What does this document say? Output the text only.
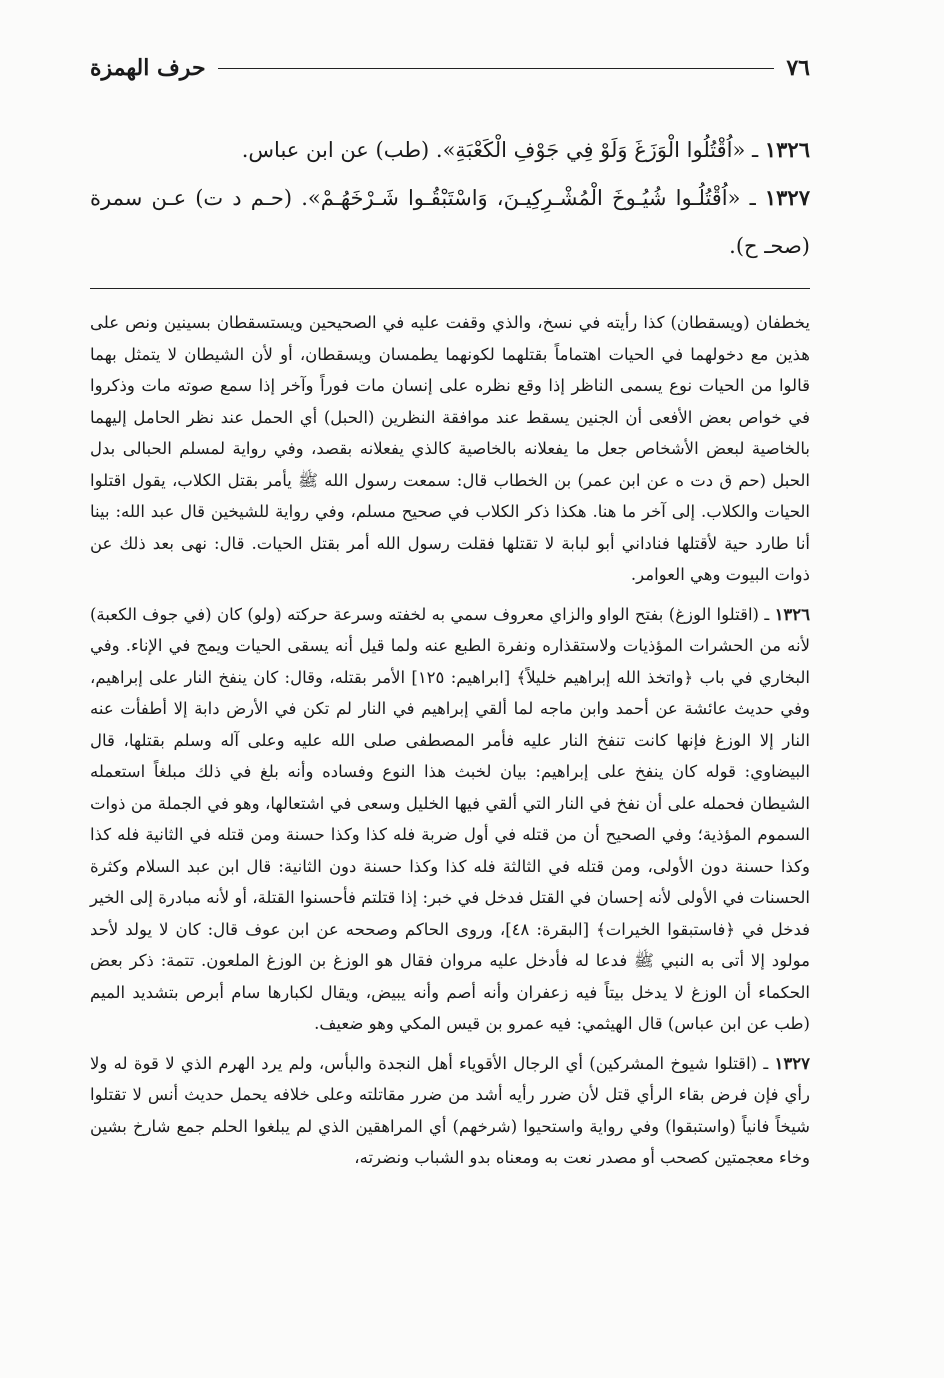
٧٦
حرف الهمزة

١٣٢٦ ـ «اُقْتُلُوا الْوَزَغَ وَلَوْ فِي جَوْفِ الْكَعْبَةِ». (طب) عن ابن عباس.

١٣٢٧ ـ «اُقْتُلُـوا شُيُـوخَ الْمُشْـرِكِيـنَ، وَاسْتَبْقُـوا شَـرْخَهُـمْ». (حـم د ت) عـن سمرة (صحـ ح).

يخطفان (ويسقطان) كذا رأيته في نسخ، والذي وقفت عليه في الصحيحين ويستسقطان بسينين ونص على هذين مع دخولهما في الحيات اهتماماً بقتلهما لكونهما يطمسان ويسقطان، أو لأن الشيطان لا يتمثل بهما قالوا من الحيات نوع يسمى الناظر إذا وقع نظره على إنسان مات فوراً وآخر إذا سمع صوته مات وذكروا في خواص بعض الأفعى أن الجنين يسقط عند موافقة النظرين (الحبل) أي الحمل عند نظر الحامل إليهما بالخاصية لبعض الأشخاص جعل ما يفعلانه بالخاصية كالذي يفعلانه بقصد، وفي رواية لمسلم الحبالى بدل الحبل (حم ق دت ه عن ابن عمر) بن الخطاب قال: سمعت رسول الله ﷺ يأمر بقتل الكلاب، يقول اقتلوا الحيات والكلاب. إلى آخر ما هنا. هكذا ذكر الكلاب في صحيح مسلم، وفي رواية للشيخين قال عبد الله: بينا أنا طارد حية لأقتلها فناداني أبو لبابة لا تقتلها فقلت رسول الله أمر بقتل الحيات. قال: نهى بعد ذلك عن ذوات البيوت وهي العوامر.

١٣٢٦ ـ (اقتلوا الوزغ) بفتح الواو والزاي معروف سمي به لخفته وسرعة حركته (ولو) كان (في جوف الكعبة) لأنه من الحشرات المؤذيات ولاستقذاره ونفرة الطبع عنه ولما قيل أنه يسقى الحيات ويمج في الإناء. وفي البخاري في باب ﴿واتخذ الله إبراهيم خليلاً﴾ [ابراهيم: ١٢٥] الأمر بقتله، وقال: كان ينفخ النار على إبراهيم، وفي حديث عائشة عن أحمد وابن ماجه لما ألقي إبراهيم في النار لم تكن في الأرض دابة إلا أطفأت عنه النار إلا الوزغ فإنها كانت تنفخ النار عليه فأمر المصطفى صلى الله عليه وعلى آله وسلم بقتلها، قال البيضاوي: قوله كان ينفخ على إبراهيم: بيان لخبث هذا النوع وفساده وأنه بلغ في ذلك مبلغاً استعمله الشيطان فحمله على أن نفخ في النار التي ألقي فيها الخليل وسعى في اشتعالها، وهو في الجملة من ذوات السموم المؤذية؛ وفي الصحيح أن من قتله في أول ضربة فله كذا وكذا حسنة ومن قتله في الثانية فله كذا وكذا حسنة دون الأولى، ومن قتله في الثالثة فله كذا وكذا حسنة دون الثانية: قال ابن عبد السلام وكثرة الحسنات في الأولى لأنه إحسان في القتل فدخل في خبر: إذا قتلتم فأحسنوا القتلة، أو لأنه مبادرة إلى الخير فدخل في ﴿فاستبقوا الخيرات﴾ [البقرة: ٤٨]، وروى الحاكم وصححه عن ابن عوف قال: كان لا يولد لأحد مولود إلا أتى به النبي ﷺ فدعا له فأدخل عليه مروان فقال هو الوزغ بن الوزغ الملعون. تتمة: ذكر بعض الحكماء أن الوزغ لا يدخل بيتاً فيه زعفران وأنه أصم وأنه يبيض، ويقال لكبارها سام أبرص بتشديد الميم (طب عن ابن عباس) قال الهيثمي: فيه عمرو بن قيس المكي وهو ضعيف.

١٣٢٧ ـ (اقتلوا شيوخ المشركين) أي الرجال الأقوياء أهل النجدة والبأس، ولم يرد الهرم الذي لا قوة له ولا رأي فإن فرض بقاء الرأي قتل لأن ضرر رأيه أشد من ضرر مقاتلته وعلى خلافه يحمل حديث أنس لا تقتلوا شيخاً فانياً (واستبقوا) وفي رواية واستحيوا (شرخهم) أي المراهقين الذي لم يبلغوا الحلم جمع شارخ بشين وخاء معجمتين كصحب أو مصدر نعت به ومعناه بدو الشباب ونضرته،
